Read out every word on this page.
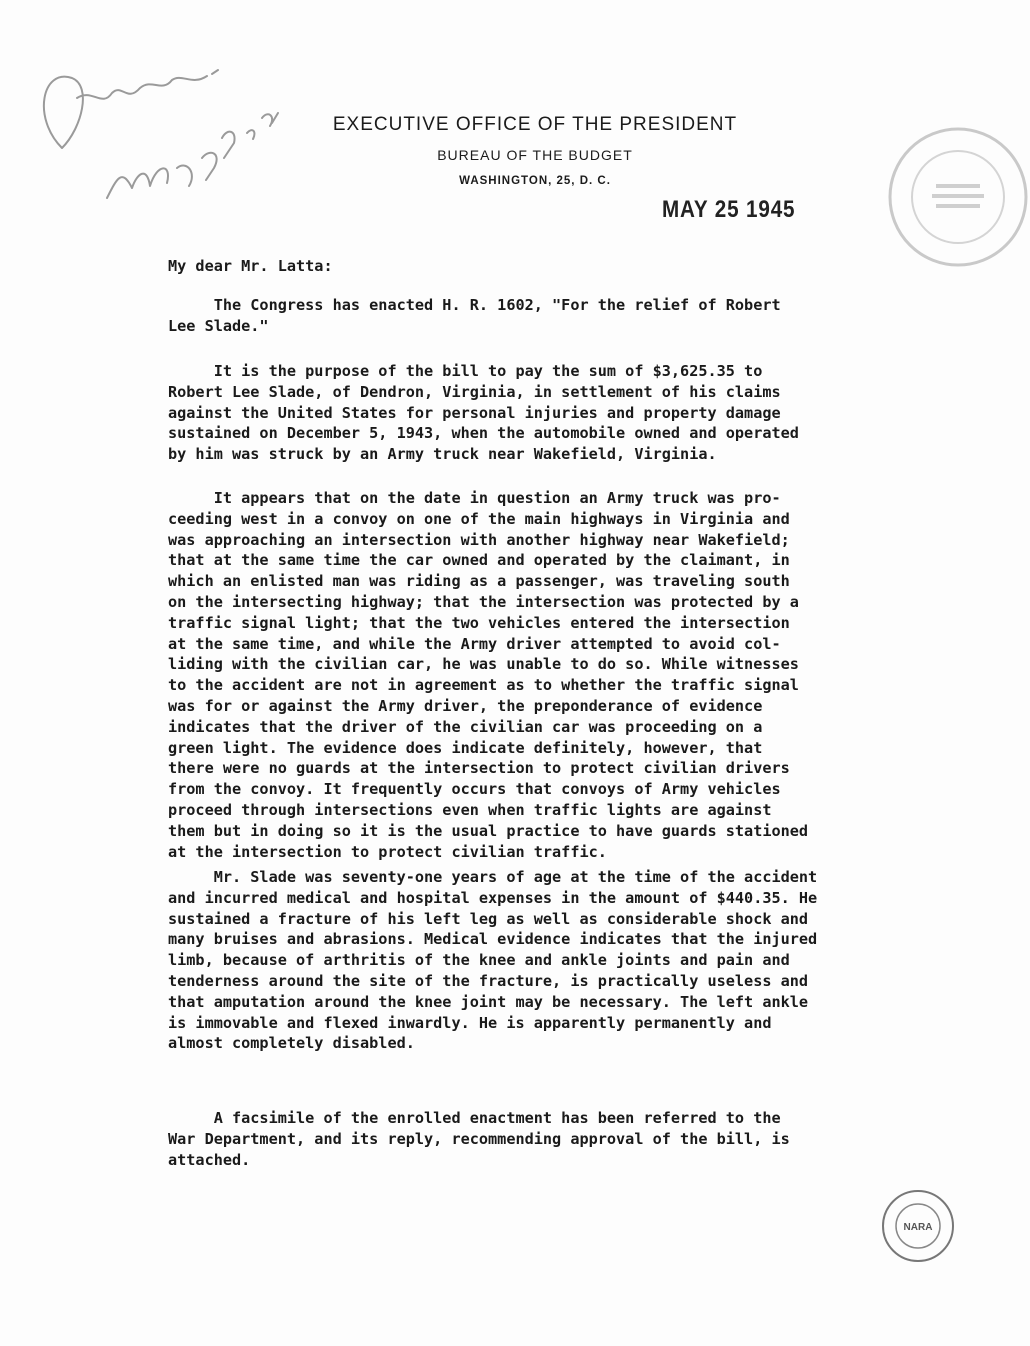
EXECUTIVE OFFICE OF THE PRESIDENT
BUREAU OF THE BUDGET
WASHINGTON, 25, D. C.
MAY 25 1945
My dear Mr. Latta:
The Congress has enacted H. R. 1602, "For the relief of Robert
Lee Slade."
It is the purpose of the bill to pay the sum of $3,625.35 to
Robert Lee Slade, of Dendron, Virginia, in settlement of his claims
against the United States for personal injuries and property damage
sustained on December 5, 1943, when the automobile owned and operated
by him was struck by an Army truck near Wakefield, Virginia.
It appears that on the date in question an Army truck was pro-
ceeding west in a convoy on one of the main highways in Virginia and
was approaching an intersection with another highway near Wakefield;
that at the same time the car owned and operated by the claimant, in
which an enlisted man was riding as a passenger, was traveling south
on the intersecting highway; that the intersection was protected by a
traffic signal light; that the two vehicles entered the intersection
at the same time, and while the Army driver attempted to avoid col-
liding with the civilian car, he was unable to do so. While witnesses
to the accident are not in agreement as to whether the traffic signal
was for or against the Army driver, the preponderance of evidence
indicates that the driver of the civilian car was proceeding on a
green light. The evidence does indicate definitely, however, that
there were no guards at the intersection to protect civilian drivers
from the convoy. It frequently occurs that convoys of Army vehicles
proceed through intersections even when traffic lights are against
them but in doing so it is the usual practice to have guards stationed
at the intersection to protect civilian traffic.
Mr. Slade was seventy-one years of age at the time of the accident
and incurred medical and hospital expenses in the amount of $440.35. He
sustained a fracture of his left leg as well as considerable shock and
many bruises and abrasions. Medical evidence indicates that the injured
limb, because of arthritis of the knee and ankle joints and pain and
tenderness around the site of the fracture, is practically useless and
that amputation around the knee joint may be necessary. The left ankle
is immovable and flexed inwardly. He is apparently permanently and
almost completely disabled.
A facsimile of the enrolled enactment has been referred to the
War Department, and its reply, recommending approval of the bill, is
attached.
NARA
